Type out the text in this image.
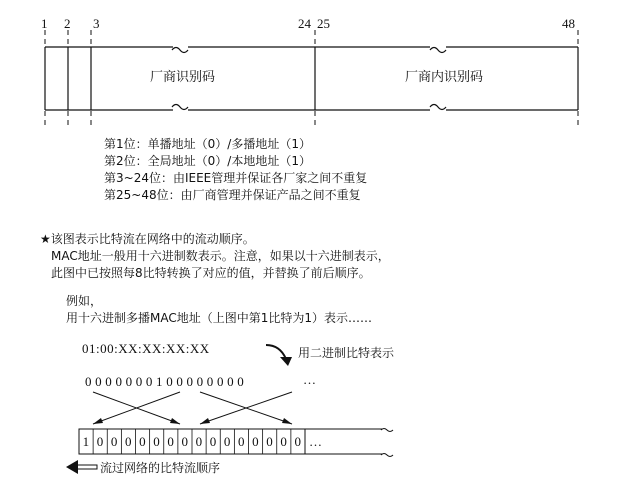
1 2 3	24 25	48
厂商识别码	厂商内识别码
第1位：单播地址（0）/多播地址（1）
第2位：全局地址（0）/本地地址（1）
第3~24位：由IEEE管理并保证各厂家之间不重复
第25~48位：由厂商管理并保证产品之间不重复
★该图表示比特流在网络中的流动顺序。
MAC地址一般用十六进制数表示。注意，如果以十六进制表示，
此图中已按照每8比特转换了对应的值，并替换了前后顺序。
例如，
用十六进制多播MAC地址（上图中第1比特为1）表示……
01:00:XX:XX:XX:XX	用二进制比特表示
0 0 0 0 0 0 0 1 0 0 0 0 0 0 0 0	…
1 0 0 0 0 0 0 0 0 0 0 0 0 0 0 0 …
流过网络的比特流顺序
